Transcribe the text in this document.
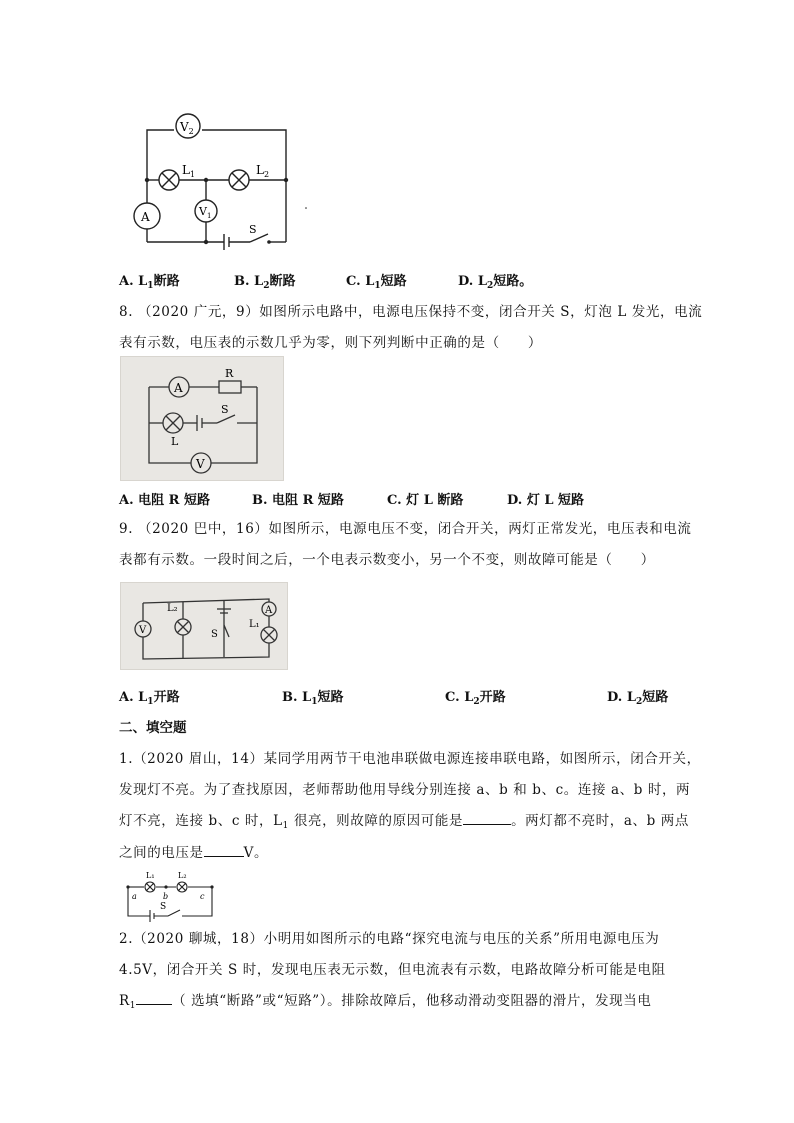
$V_2$
$V_1$
A
$L_1$	$L_2$
S
A. $L_1$断路	B. $L_2$断路	C. $L_1$短路	D. $L_2$短路。
8. （2020 广元，9）如图所示电路中，电源电压保持不变，闭合开关 S，灯泡 L 发光，电流
表有示数，电压表的示数几乎为零，则下列判断中正确的是（　　）
A
R
L
S
V
A. 电阻 R 短路	B. 电阻 R 短路	C. 灯 L 断路	D. 灯 L 短路
9. （2020 巴中，16）如图所示，电源电压不变，闭合开关，两灯正常发光，电压表和电流
表都有示数。一段时间之后，一个电表示数变小，另一个不变，则故障可能是（　　）
V
L₂
S
A
L₁
A. $L_1$开路	B. $L_1$短路	C. $L_2$开路	D. $L_2$短路
二、填空题
1.（2020 眉山，14）某同学用两节干电池串联做电源连接串联电路，如图所示，闭合开关，
发现灯不亮。为了查找原因，老师帮助他用导线分别连接 a、b 和 b、c。连接 a、b 时，两
灯不亮，连接 b、c 时，$L_1$ 很亮，则故障的原因可能是	。两灯都不亮时，a、b 两点
之间的电压是	V。
L₁	L₂
a	b	c
S
2.（2020 聊城，18）小明用如图所示的电路“探究电流与电压的关系”所用电源电压为
4.5V，闭合开关 S 时，发现电压表无示数，但电流表有示数，电路故障分析可能是电阻
$R_1$	（ 选填“断路”或“短路”）。排除故障后，他移动滑动变阻器的滑片，发现当电
